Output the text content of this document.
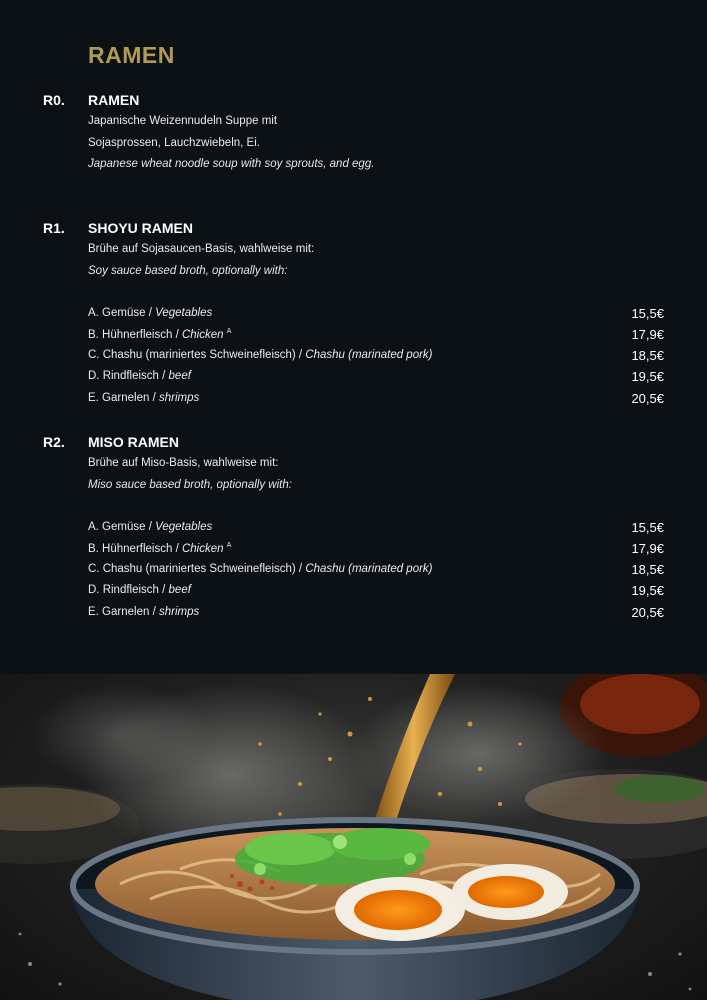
RAMEN
R0. RAMEN
Japanische Weizennudeln Suppe mit
Sojasprossen, Lauchzwiebeln, Ei.
Japanese wheat noodle soup with soy sprouts, and egg.
R1. SHOYU RAMEN
Brühe auf Sojasaucen-Basis, wahlweise mit:
Soy sauce based broth, optionally with:
A. Gemüse / Vegetables	15,5€
B. Hühnerfleisch / Chicken $^A$	17,9€
C. Chashu (mariniertes Schweinefleisch) / Chashu (marinated pork)	18,5€
D. Rindfleisch / beef	19,5€
E. Garnelen / shrimps	20,5€
R2. MISO RAMEN
Brühe auf Miso-Basis, wahlweise mit:
Miso sauce based broth, optionally with:
A. Gemüse / Vegetables	15,5€
B. Hühnerfleisch / Chicken $^A$	17,9€
C. Chashu (mariniertes Schweinefleisch) / Chashu (marinated pork)	18,5€
D. Rindfleisch / beef	19,5€
E. Garnelen / shrimps	20,5€
